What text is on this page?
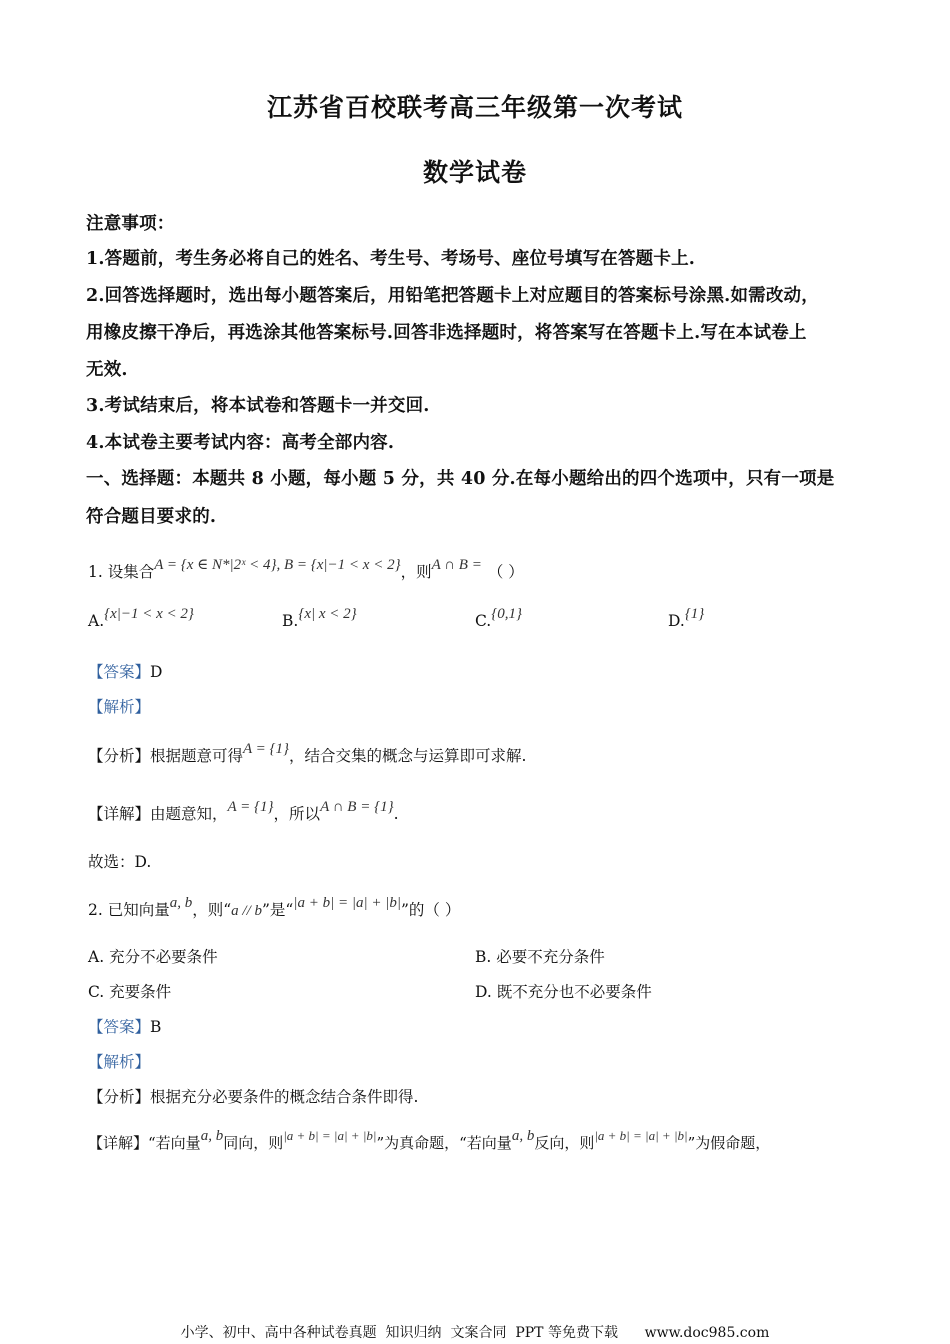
江苏省百校联考高三年级第一次考试
数学试卷
注意事项：
1.答题前，考生务必将自己的姓名、考生号、考场号、座位号填写在答题卡上.
2.回答选择题时，选出每小题答案后，用铅笔把答题卡上对应题目的答案标号涂黑.如需改动，
用橡皮擦干净后，再选涂其他答案标号.回答非选择题时，将答案写在答题卡上.写在本试卷上
无效.
3.考试结束后，将本试卷和答题卡一并交回.
4.本试卷主要考试内容：高考全部内容.
一、选择题：本题共 8 小题，每小题 5 分，共 40 分.在每小题给出的四个选项中，只有一项是
符合题目要求的.
1. 设集合A = {x ∈ N*|2ˣ < 4}, B = {x|−1 < x < 2}，则A ∩ B = （ ）
A.{x|−1 < x < 2}	B.{x| x < 2}	C.{0,1}	D.{1}
【答案】D
【解析】
【分析】根据题意可得A = {1}，结合交集的概念与运算即可求解.
【详解】由题意知，A = {1}，所以A ∩ B = {1}.
故选：D.
2. 已知向量a, b，则“a // b”是“|a + b| = |a| + |b|”的（ ）
A. 充分不必要条件	B. 必要不充分条件
C. 充要条件	D. 既不充分也不必要条件
【答案】B
【解析】
【分析】根据充分必要条件的概念结合条件即得.
【详解】“若向量a, b同向，则|a + b| = |a| + |b|”为真命题，“若向量a, b反向，则|a + b| = |a| + |b|”为假命题，
小学、初中、高中各种试卷真题  知识归纳  文案合同  PPT 等免费下载      www.doc985.com
